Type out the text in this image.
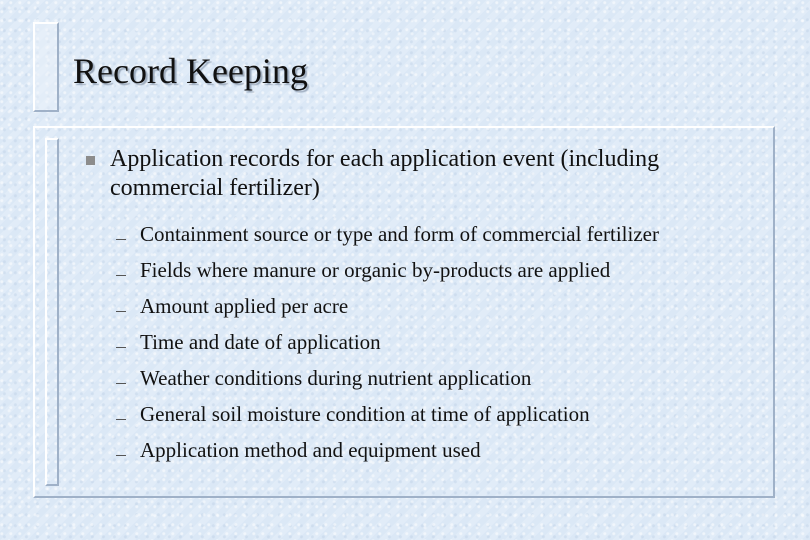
Record Keeping
Application records for each application event (including commercial fertilizer)
Containment source or type and form of commercial fertilizer
Fields where manure or organic by-products are applied
Amount applied per acre
Time and date of application
Weather conditions during nutrient application
General soil moisture condition at time of application
Application method and equipment used
